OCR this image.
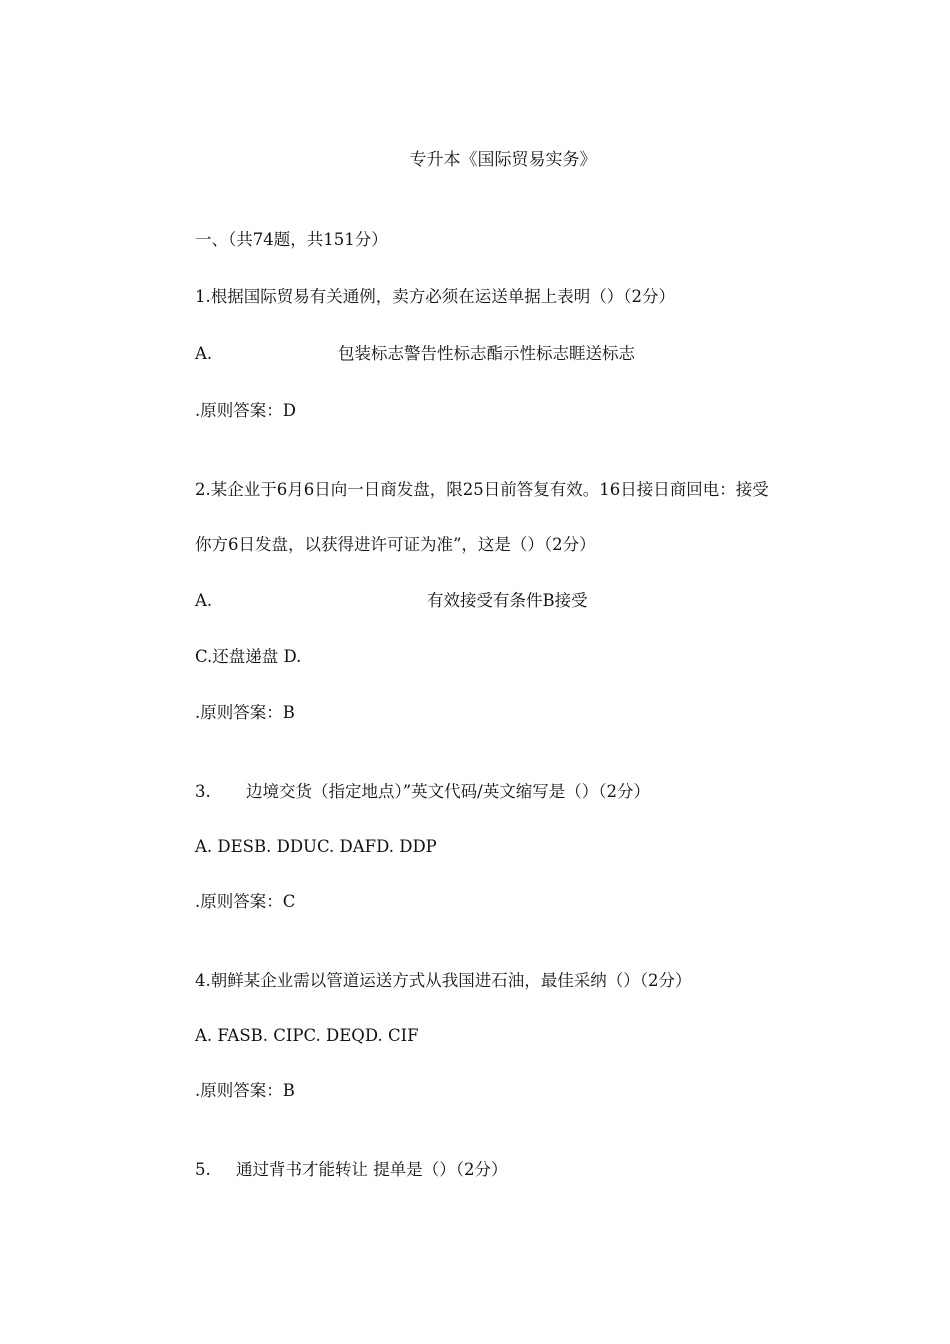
专升本《国际贸易实务》
一、（共74题，共151分）
1.根据国际贸易有关通例，卖方必须在运送单据上表明（）（2分）
A.	包装标志警告性标志酯示性标志睚送标志
.原则答案：D
2.某企业于6月6日向一日商发盘，限25日前答复有效。16日接日商回电：接受
你方6日发盘，以获得进许可证为准”，这是（）（2分）
A.	有效接受有条件B接受
C.还盘递盘 D.
.原则答案：B
3. 边境交货（指定地点）”英文代码/英文缩写是（）（2分）
A. DESB. DDUC. DAFD. DDP
.原则答案：C
4.朝鲜某企业需以管道运送方式从我国进石油，最佳采纳（）（2分）
A. FASB. CIPC. DEQD. CIF
.原则答案：B
5. 通过背书才能转让 提单是（）（2分）
